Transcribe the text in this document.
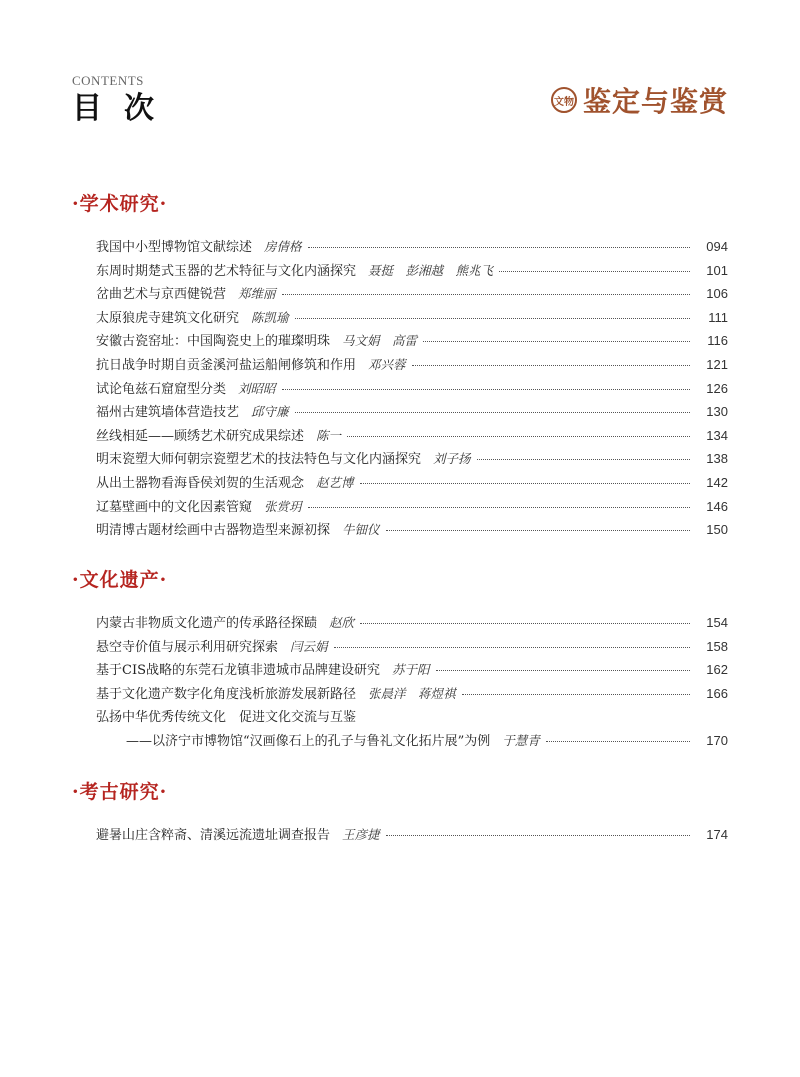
CONTENTS
目次	文物 鉴定与鉴赏
·学术研究·
我国中小型博物馆文献综述 房倩格	094
东周时期楚式玉器的艺术特征与文化内涵探究 聂挺　彭湘越　熊兆飞	101
岔曲艺术与京西健锐营 郑维丽	106
太原狼虎寺建筑文化研究 陈凯瑜	111
安徽古瓷窑址：中国陶瓷史上的璀璨明珠 马文娟　高雷	116
抗日战争时期自贡釜溪河盐运船闸修筑和作用 邓兴蓉	121
试论龟兹石窟窟型分类 刘昭昭	126
福州古建筑墙体营造技艺 邱守廉	130
丝线相延——顾绣艺术研究成果综述 陈一	134
明末瓷塑大师何朝宗瓷塑艺术的技法特色与文化内涵探究 刘子扬	138
从出土器物看海昏侯刘贺的生活观念 赵艺博	142
辽墓壁画中的文化因素管窥 张赏玥	146
明清博古题材绘画中古器物造型来源初探 牛钿仪	150
·文化遗产·
内蒙古非物质文化遗产的传承路径探赜 赵欣	154
悬空寺价值与展示利用研究探索 闫云娟	158
基于CIS战略的东莞石龙镇非遗城市品牌建设研究 苏于阳	162
基于文化遗产数字化角度浅析旅游发展新路径 张晨洋　蒋煜祺	166
弘扬中华优秀传统文化　促进文化交流与互鉴
——以济宁市博物馆“汉画像石上的孔子与鲁礼文化拓片展”为例 于慧青	170
·考古研究·
避暑山庄含粹斋、清溪远流遗址调查报告 王彦捷	174
